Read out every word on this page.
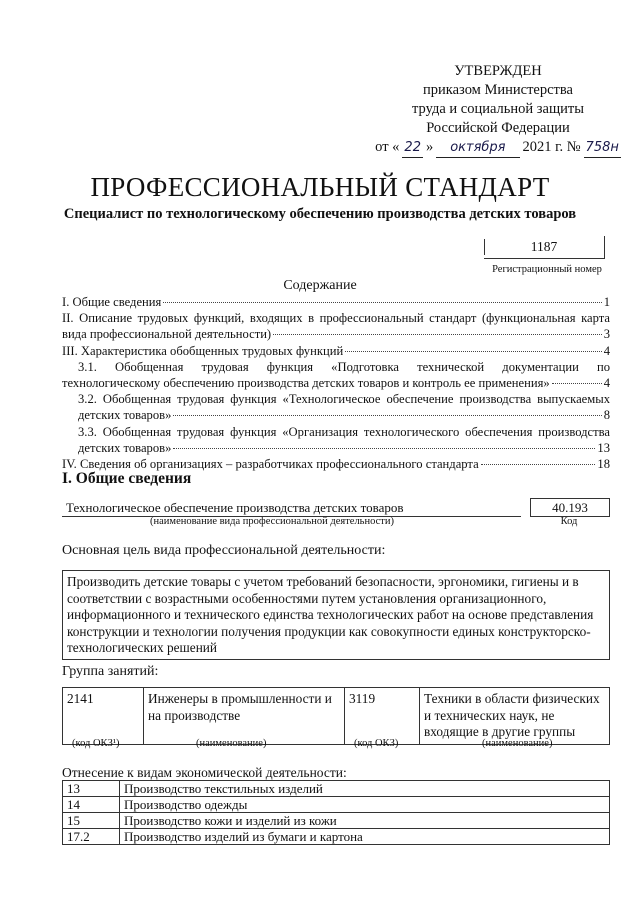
УТВЕРЖДЕН
приказом Министерства
труда и социальной защиты
Российской Федерации
от « 22 »	октября	2021 г. № 758н
ПРОФЕССИОНАЛЬНЫЙ СТАНДАРТ
Специалист по технологическому обеспечению производства детских товаров
1187
Регистрационный номер
Содержание
I. Общие сведения	1
II. Описание трудовых функций, входящих в профессиональный стандарт (функциональная карта
вида профессиональной деятельности)	3
III. Характеристика обобщенных трудовых функций	4
3.1. Обобщенная трудовая функция «Подготовка технической документации по
технологическому обеспечению производства детских товаров и контроль ее применения»	4
3.2. Обобщенная трудовая функция «Технологическое обеспечение производства выпускаемых
детских товаров»	8
3.3. Обобщенная трудовая функция «Организация технологического обеспечения производства
детских товаров»	13
IV. Сведения об организациях – разработчиках профессионального стандарта	18
I. Общие сведения
Технологическое обеспечение производства детских товаров
(наименование вида профессиональной деятельности)
40.193
Код
Основная цель вида профессиональной деятельности:
Производить детские товары с учетом требований безопасности, эргономики, гигиены и в соответствии с возрастными особенностями путем установления организационного, информационного и технического единства технологических работ на основе представления конструкции и технологии получения продукции как совокупности единых конструкторско-технологических решений
Группа занятий:
2141	Инженеры в промышленности и на производстве	3119	Техники в области физических и технических наук, не входящие в другие группы
(код ОКЗ¹)	(наименование)	(код ОКЗ)	(наименование)
Отнесение к видам экономической деятельности:
13	Производство текстильных изделий
14	Производство одежды
15	Производство кожи и изделий из кожи
17.2	Производство изделий из бумаги и картона
